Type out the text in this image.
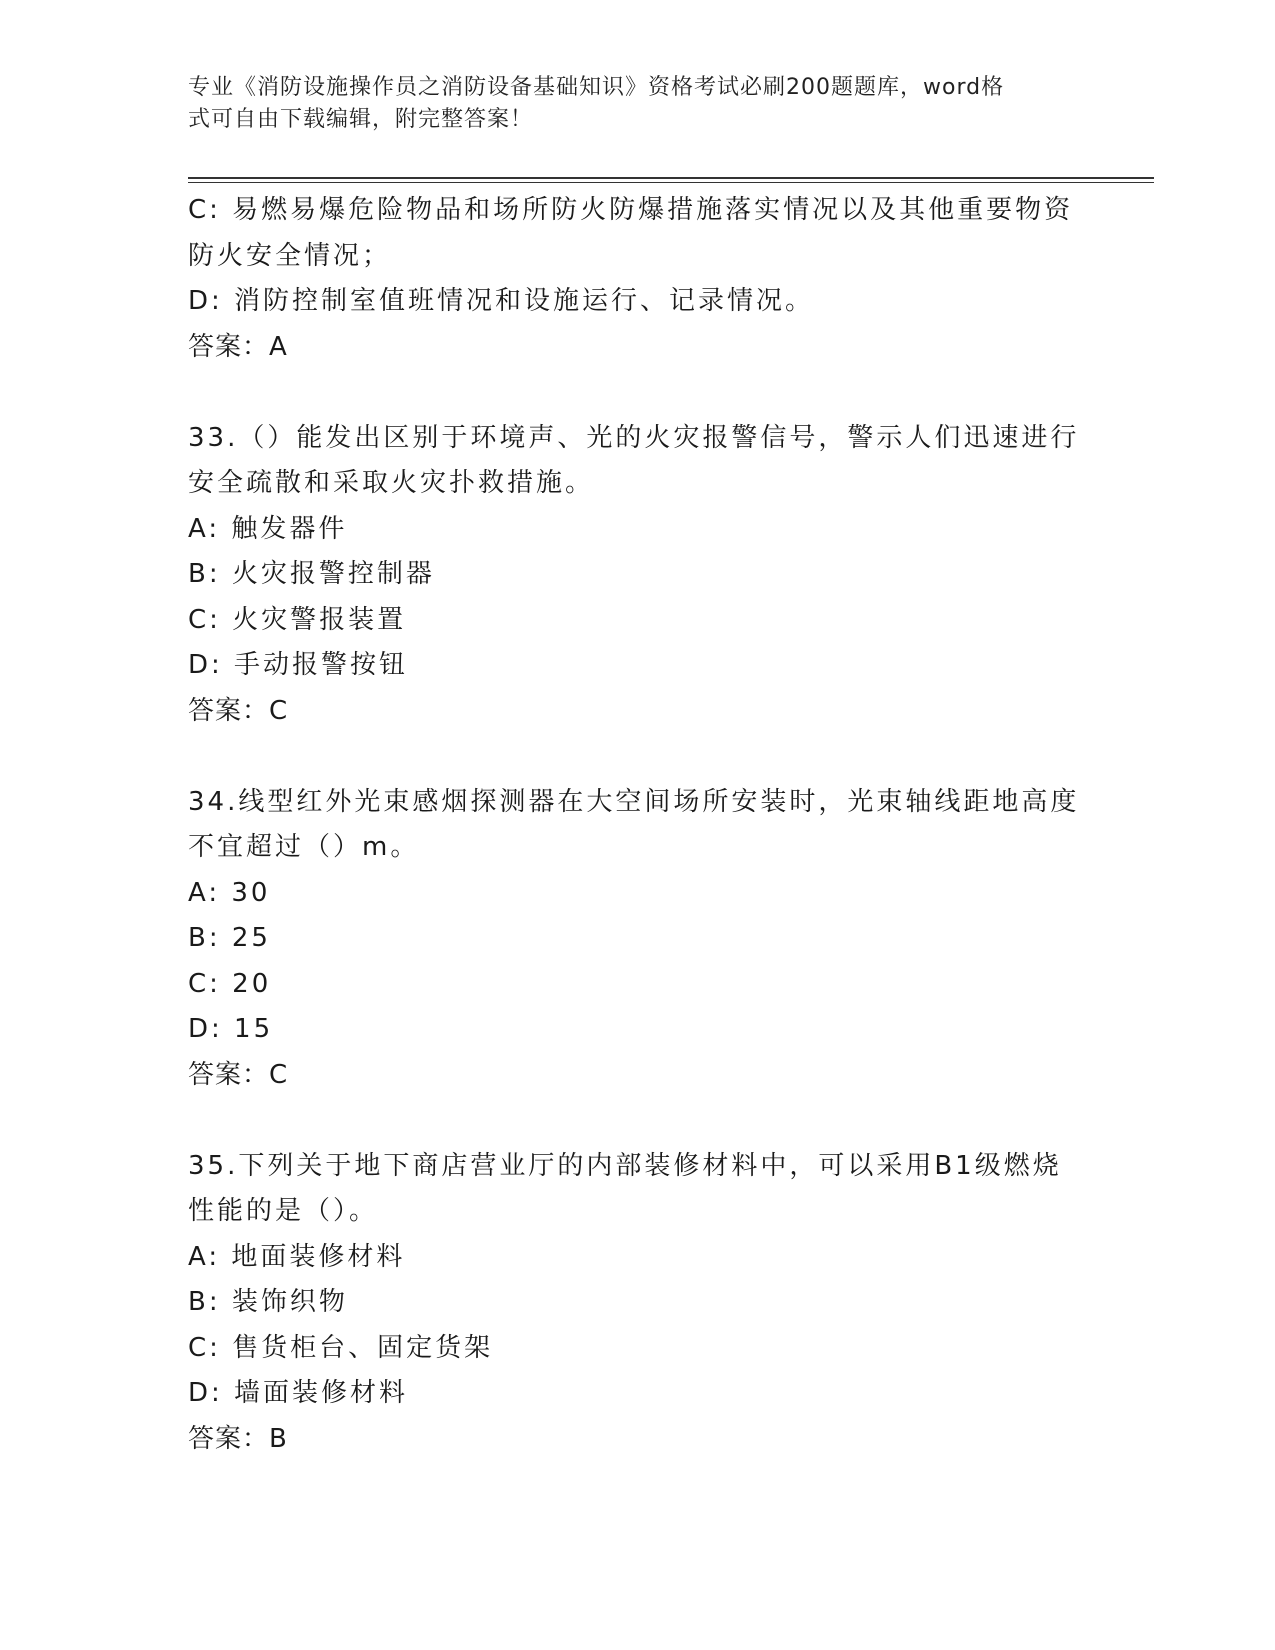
专业《消防设施操作员之消防设备基础知识》资格考试必刷200题题库，word格
式可自由下载编辑，附完整答案！

C: 易燃易爆危险物品和场所防火防爆措施落实情况以及其他重要物资

防火安全情况；

D: 消防控制室值班情况和设施运行、记录情况。

答案：A

33.（）能发出区别于环境声、光的火灾报警信号，警示人们迅速进行

安全疏散和采取火灾扑救措施。

A: 触发器件

B: 火灾报警控制器

C: 火灾警报装置

D: 手动报警按钮

答案：C

34.线型红外光束感烟探测器在大空间场所安装时，光束轴线距地高度

不宜超过（）m。

A: 30

B: 25

C: 20

D: 15

答案：C

35.下列关于地下商店营业厅的内部装修材料中，可以采用B1级燃烧

性能的是（）。

A: 地面装修材料

B: 装饰织物

C: 售货柜台、固定货架

D: 墙面装修材料

答案：B
